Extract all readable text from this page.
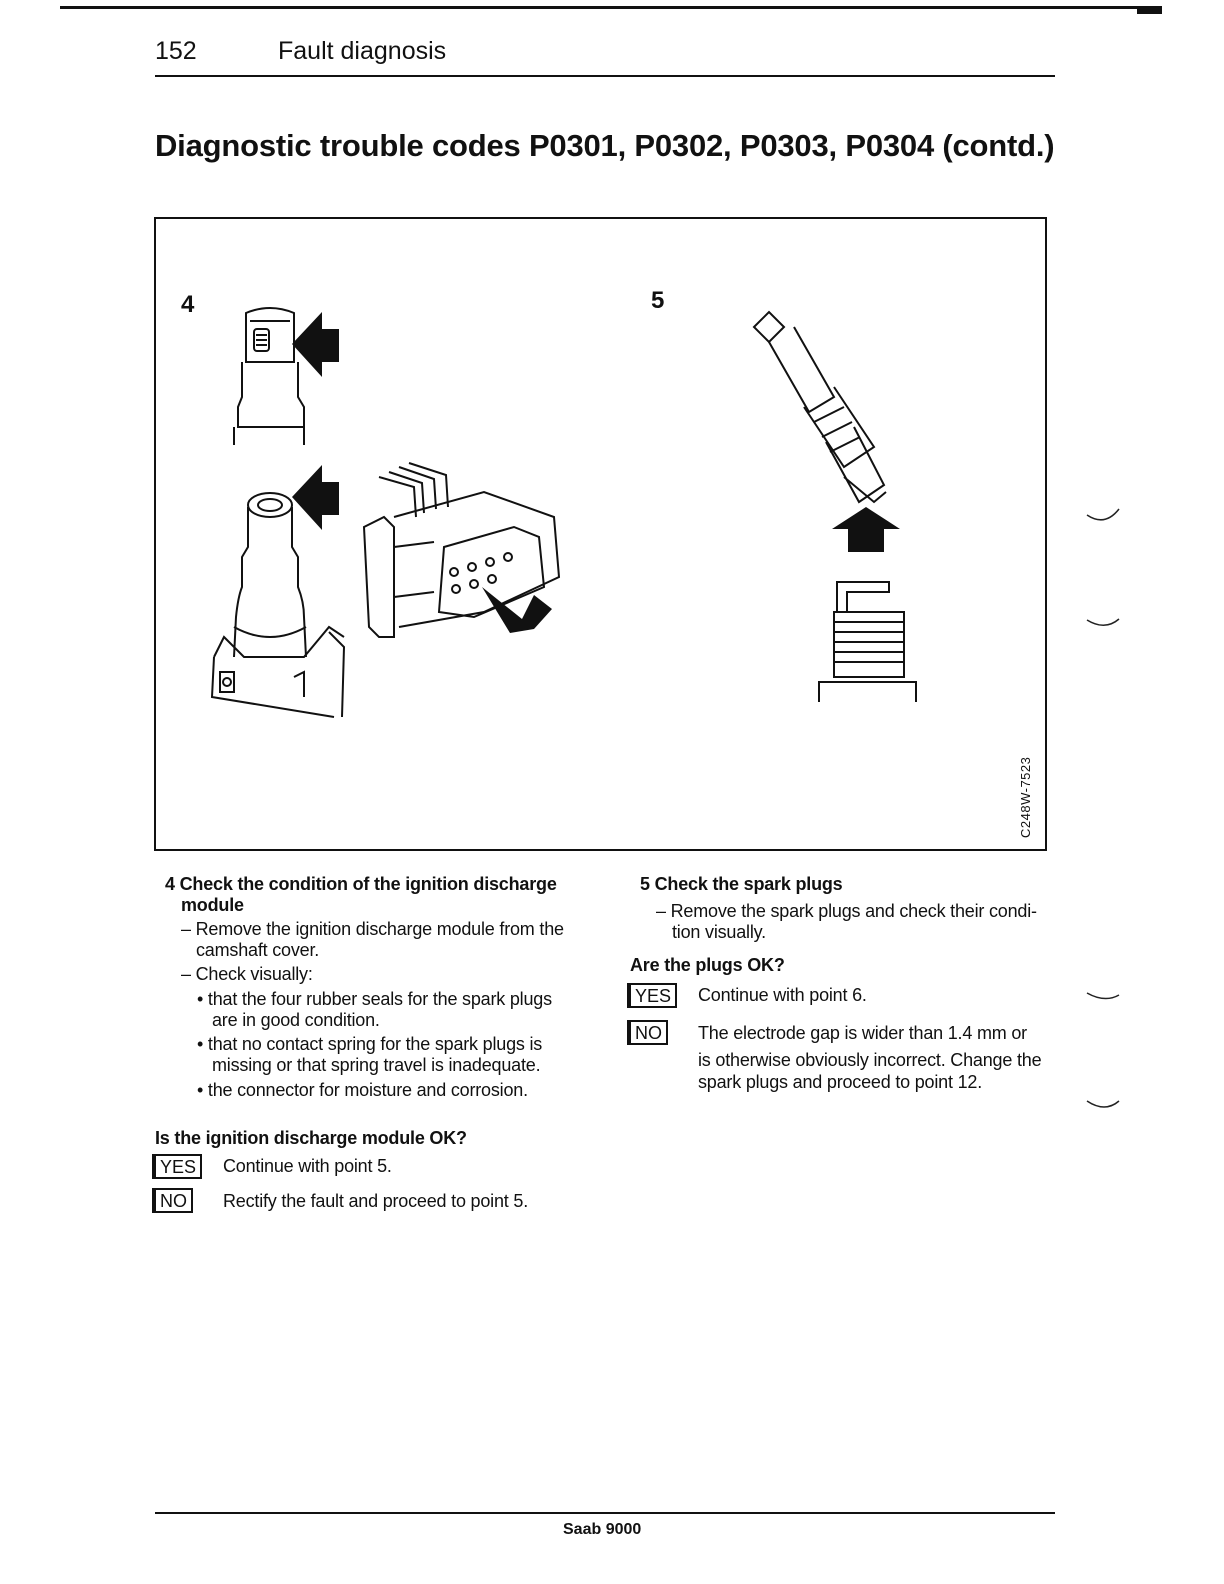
152	Fault diagnosis
Diagnostic trouble codes P0301, P0302, P0303, P0304 (contd.)
4	5
C248W-7523
4 Check the condition of the ignition discharge
module
– Remove the ignition discharge module from the
camshaft cover.
– Check visually:
• that the four rubber seals for the spark plugs
are in good condition.
• that no contact spring for the spark plugs is
missing or that spring travel is inadequate.
• the connector for moisture and corrosion.
Is the ignition discharge module OK?
YES	Continue with point 5.
NO	Rectify the fault and proceed to point 5.
5 Check the spark plugs
– Remove the spark plugs and check their condi-
tion visually.
Are the plugs OK?
YES	Continue with point 6.
NO	The electrode gap is wider than 1.4 mm or
is otherwise obviously incorrect. Change the
spark plugs and proceed to point 12.
Saab 9000
